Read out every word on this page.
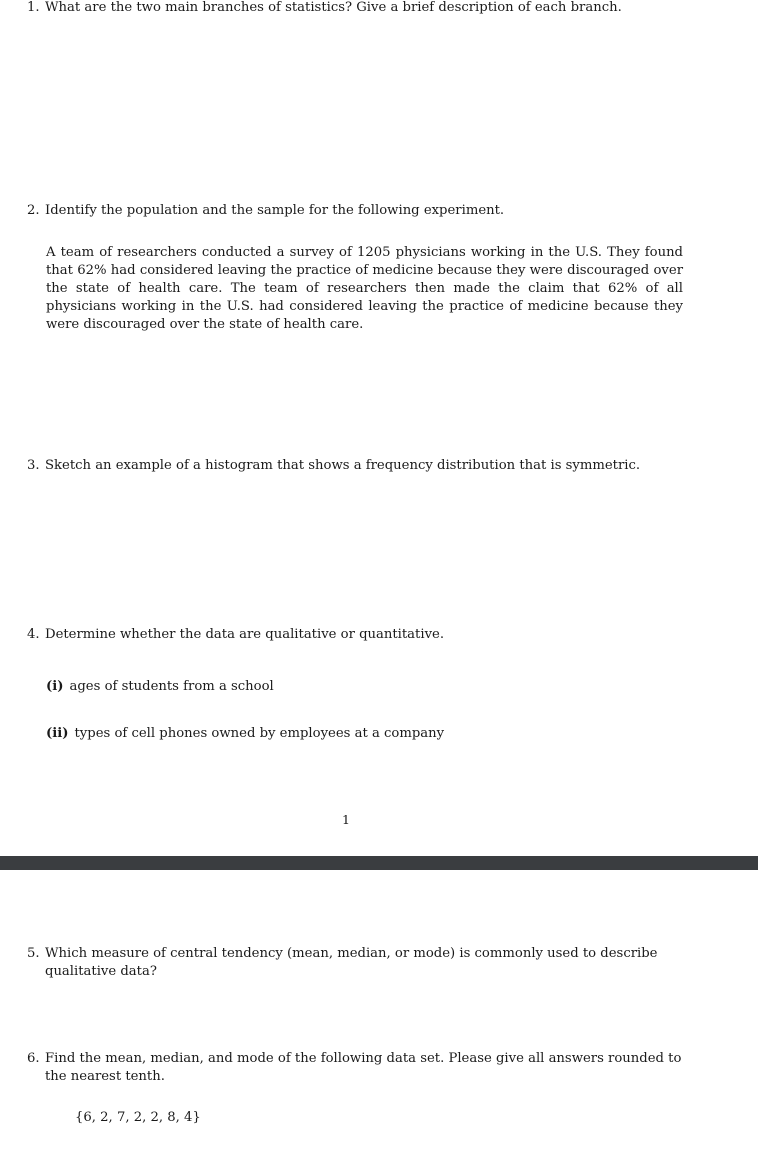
1. What are the two main branches of statistics? Give a brief description of each branch.
2. Identify the population and the sample for the following experiment.
A team of researchers conducted a survey of 1205 physicians working in the U.S. They found that 62% had considered leaving the practice of medicine because they were discouraged over the state of health care. The team of researchers then made the claim that 62% of all physicians working in the U.S. had considered leaving the practice of medicine because they were discouraged over the state of health care.
3. Sketch an example of a histogram that shows a frequency distribution that is symmetric.
4. Determine whether the data are qualitative or quantitative.
(i) ages of students from a school
(ii) types of cell phones owned by employees at a company
1
5. Which measure of central tendency (mean, median, or mode) is commonly used to describe qualitative data?
6. Find the mean, median, and mode of the following data set. Please give all answers rounded to the nearest tenth.
{6, 2, 7, 2, 2, 8, 4}
